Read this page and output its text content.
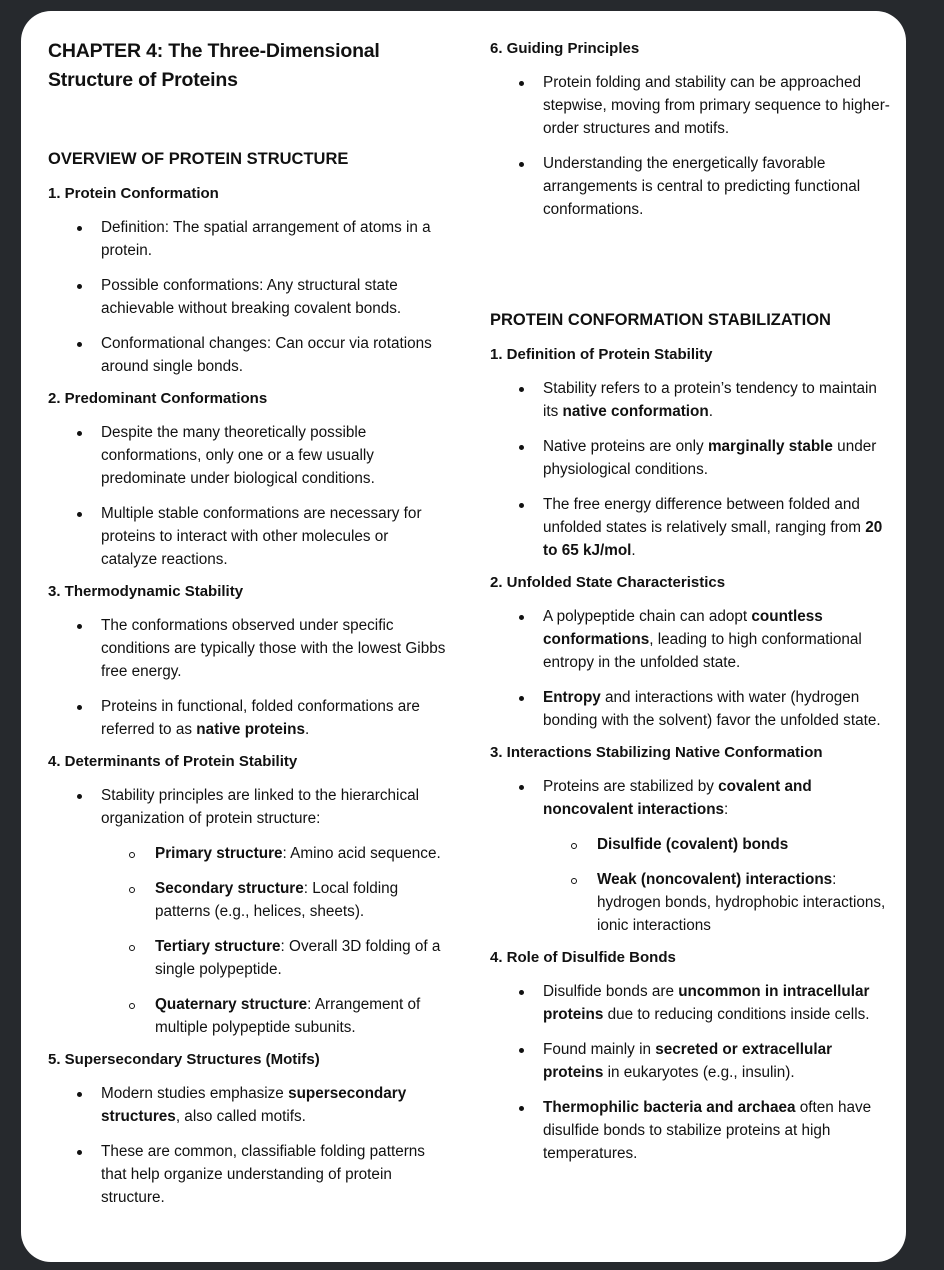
CHAPTER 4: The Three-Dimensional Structure of Proteins
OVERVIEW OF PROTEIN STRUCTURE
1. Protein Conformation
Definition: The spatial arrangement of atoms in a protein.
Possible conformations: Any structural state achievable without breaking covalent bonds.
Conformational changes: Can occur via rotations around single bonds.
2. Predominant Conformations
Despite the many theoretically possible conformations, only one or a few usually predominate under biological conditions.
Multiple stable conformations are necessary for proteins to interact with other molecules or catalyze reactions.
3. Thermodynamic Stability
The conformations observed under specific conditions are typically those with the lowest Gibbs free energy.
Proteins in functional, folded conformations are referred to as native proteins.
4. Determinants of Protein Stability
Stability principles are linked to the hierarchical organization of protein structure:
Primary structure: Amino acid sequence.
Secondary structure: Local folding patterns (e.g., helices, sheets).
Tertiary structure: Overall 3D folding of a single polypeptide.
Quaternary structure: Arrangement of multiple polypeptide subunits.
5. Supersecondary Structures (Motifs)
Modern studies emphasize supersecondary structures, also called motifs.
These are common, classifiable folding patterns that help organize understanding of protein structure.
6. Guiding Principles
Protein folding and stability can be approached stepwise, moving from primary sequence to higher-order structures and motifs.
Understanding the energetically favorable arrangements is central to predicting functional conformations.
PROTEIN CONFORMATION STABILIZATION
1. Definition of Protein Stability
Stability refers to a protein’s tendency to maintain its native conformation.
Native proteins are only marginally stable under physiological conditions.
The free energy difference between folded and unfolded states is relatively small, ranging from 20 to 65 kJ/mol.
2. Unfolded State Characteristics
A polypeptide chain can adopt countless conformations, leading to high conformational entropy in the unfolded state.
Entropy and interactions with water (hydrogen bonding with the solvent) favor the unfolded state.
3. Interactions Stabilizing Native Conformation
Proteins are stabilized by covalent and noncovalent interactions:
Disulfide (covalent) bonds
Weak (noncovalent) interactions: hydrogen bonds, hydrophobic interactions, ionic interactions
4. Role of Disulfide Bonds
Disulfide bonds are uncommon in intracellular proteins due to reducing conditions inside cells.
Found mainly in secreted or extracellular proteins in eukaryotes (e.g., insulin).
Thermophilic bacteria and archaea often have disulfide bonds to stabilize proteins at high temperatures.
